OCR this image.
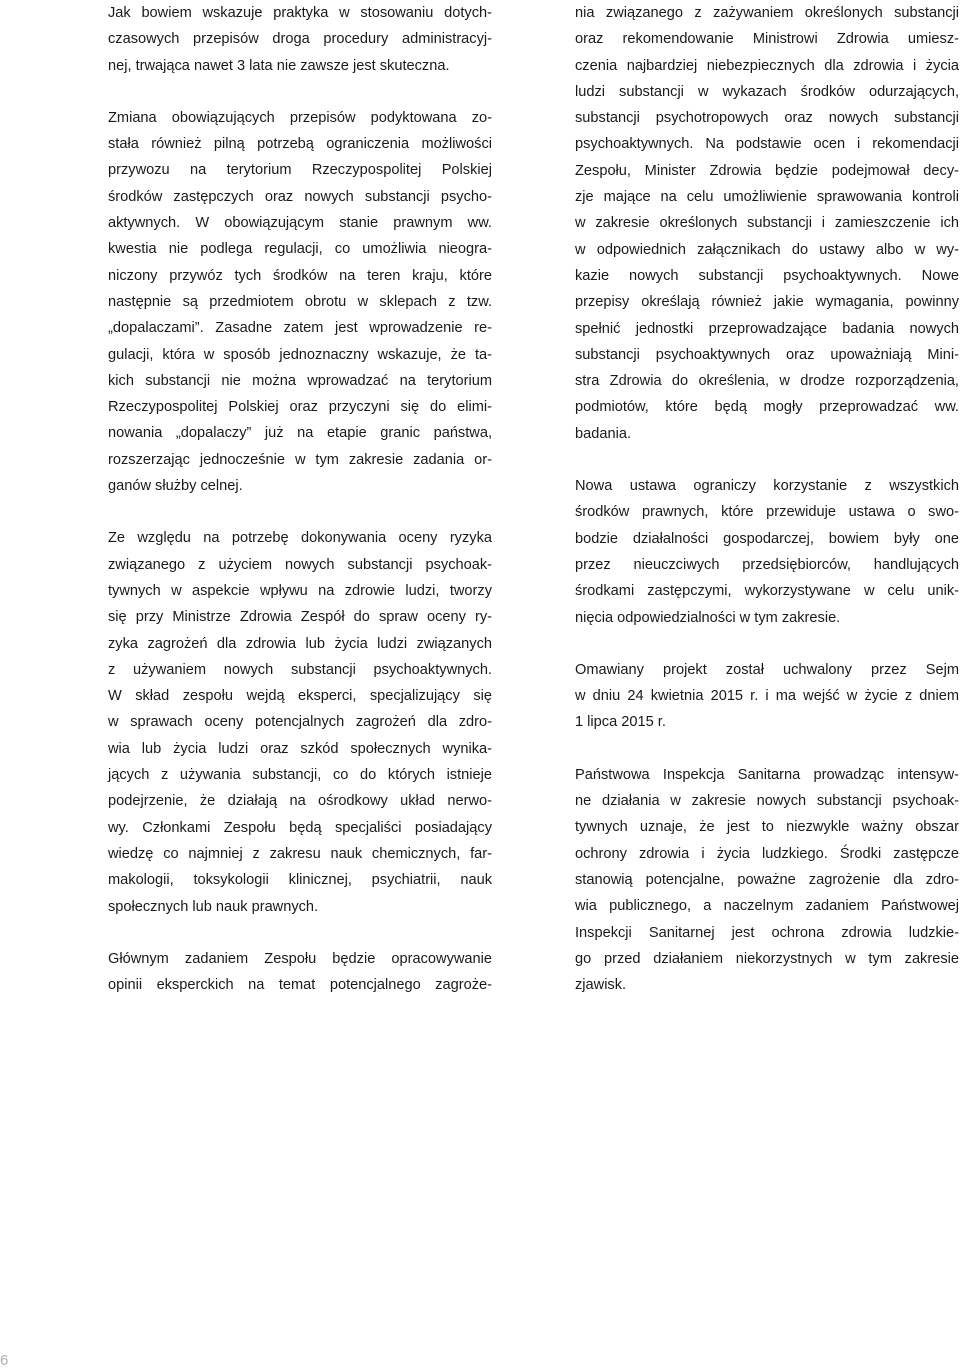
Jak bowiem wskazuje praktyka w stosowaniu dotych-
czasowych przepisów droga procedury administracyj-
nej, trwająca nawet 3 lata nie zawsze jest skuteczna.
Zmiana obowiązujących przepisów podyktowana zo-
stała również pilną potrzebą ograniczenia możliwości
przywozu na terytorium Rzeczypospolitej Polskiej
środków zastępczych oraz nowych substancji psycho-
aktywnych. W obowiązującym stanie prawnym ww.
kwestia nie podlega regulacji, co umożliwia nieogra-
niczony przywóz tych środków na teren kraju, które
następnie są przedmiotem obrotu w sklepach z tzw.
„dopalaczami”. Zasadne zatem jest wprowadzenie re-
gulacji, która w sposób jednoznaczny wskazuje, że ta-
kich substancji nie można wprowadzać na terytorium
Rzeczypospolitej Polskiej oraz przyczyni się do elimi-
nowania „dopalaczy” już na etapie granic państwa,
rozszerzając jednocześnie w tym zakresie zadania or-
ganów służby celnej.
Ze względu na potrzebę dokonywania oceny ryzyka
związanego z użyciem nowych substancji psychoak-
tywnych w aspekcie wpływu na zdrowie ludzi, tworzy
się przy Ministrze Zdrowia Zespół do spraw oceny ry-
zyka zagrożeń dla zdrowia lub życia ludzi związanych
z używaniem nowych substancji psychoaktywnych.
W skład zespołu wejdą eksperci, specjalizujący się
w sprawach oceny potencjalnych zagrożeń dla zdro-
wia lub życia ludzi oraz szkód społecznych wynika-
jących z używania substancji, co do których istnieje
podejrzenie, że działają na ośrodkowy układ nerwo-
wy. Członkami Zespołu będą specjaliści posiadający
wiedzę co najmniej z zakresu nauk chemicznych, far-
makologii, toksykologii klinicznej, psychiatrii, nauk
społecznych lub nauk prawnych.
Głównym zadaniem Zespołu będzie opracowywanie
opinii eksperckich na temat potencjalnego zagroże-
nia związanego z zażywaniem określonych substancji
oraz rekomendowanie Ministrowi Zdrowia umiesz-
czenia najbardziej niebezpiecznych dla zdrowia i życia
ludzi substancji w wykazach środków odurzających,
substancji psychotropowych oraz nowych substancji
psychoaktywnych. Na podstawie ocen i rekomendacji
Zespołu, Minister Zdrowia będzie podejmował decy-
zje mające na celu umożliwienie sprawowania kontroli
w zakresie określonych substancji i zamieszczenie ich
w odpowiednich załącznikach do ustawy albo w wy-
kazie nowych substancji psychoaktywnych. Nowe
przepisy określają również jakie wymagania, powinny
spełnić jednostki przeprowadzające badania nowych
substancji psychoaktywnych oraz upoważniają Mini-
stra Zdrowia do określenia, w drodze rozporządzenia,
podmiotów, które będą mogły przeprowadzać ww.
badania.
Nowa ustawa ograniczy korzystanie z wszystkich
środków prawnych, które przewiduje ustawa o swo-
bodzie działalności gospodarczej, bowiem były one
przez nieuczciwych przedsiębiorców, handlujących
środkami zastępczymi, wykorzystywane w celu unik-
nięcia odpowiedzialności w tym zakresie.
Omawiany projekt został uchwalony przez Sejm
w dniu 24 kwietnia 2015 r. i ma wejść w życie z dniem
1 lipca 2015 r.
Państwowa Inspekcja Sanitarna prowadząc intensyw-
ne działania w zakresie nowych substancji psychoak-
tywnych uznaje, że jest to niezwykle ważny obszar
ochrony zdrowia i życia ludzkiego. Środki zastępcze
stanowią potencjalne, poważne zagrożenie dla zdro-
wia publicznego, a naczelnym zadaniem Państwowej
Inspekcji Sanitarnej jest ochrona zdrowia ludzkie-
go przed działaniem niekorzystnych w tym zakresie
zjawisk.
6
